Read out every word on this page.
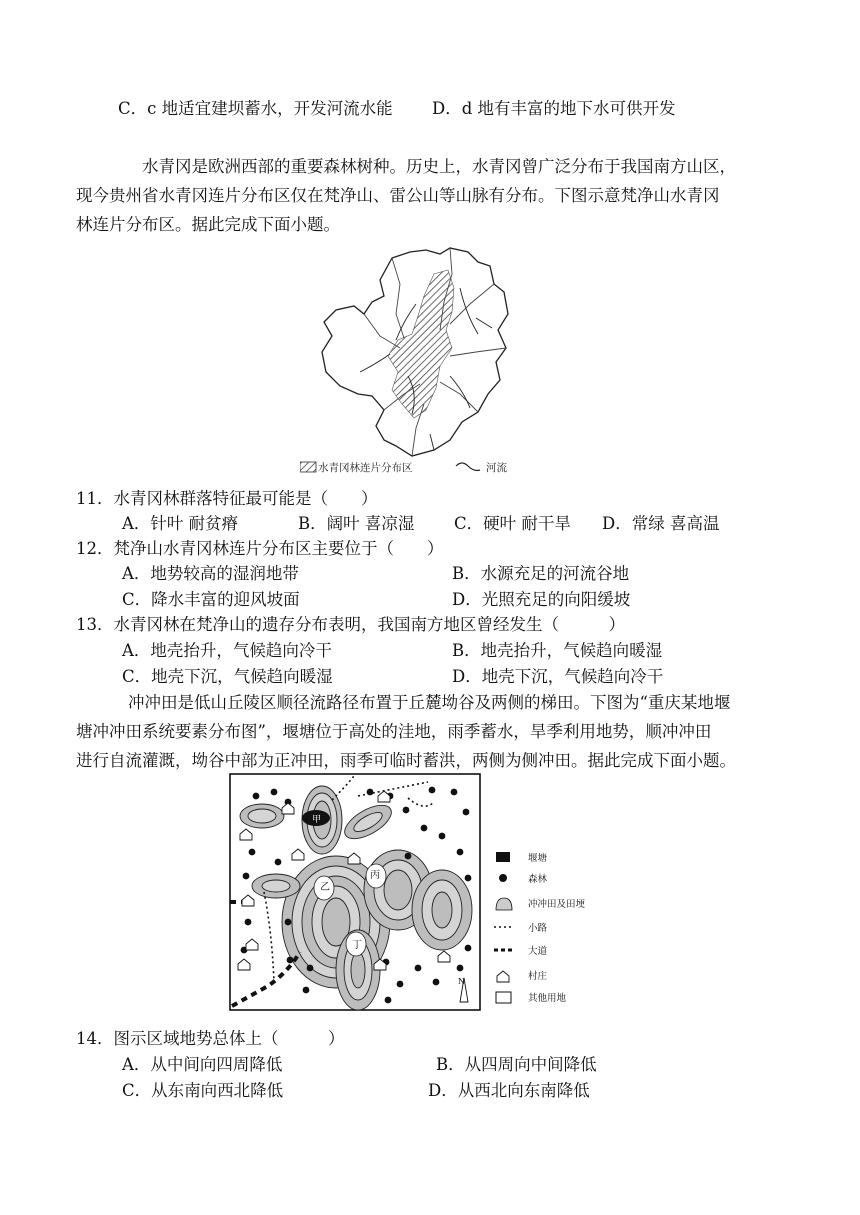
C．c 地适宜建坝蓄水，开发河流水能 D．d 地有丰富的地下水可供开发
水青冈是欧洲西部的重要森林树种。历史上，水青冈曾广泛分布于我国南方山区，
现今贵州省水青冈连片分布区仅在梵净山、雷公山等山脉有分布。下图示意梵净山水青冈
林连片分布区。据此完成下面小题。
水青冈林连片分布区	河流
11．水青冈林群落特征最可能是（　　）
A．针叶 耐贫瘠	B．阔叶 喜凉湿 C．硬叶 耐干旱 D．常绿 喜高温
12．梵净山水青冈林连片分布区主要位于（　　）
A．地势较高的湿润地带	B．水源充足的河流谷地
C．降水丰富的迎风坡面	D．光照充足的向阳缓坡
13．水青冈林在梵净山的遗存分布表明，我国南方地区曾经发生（　　　）
A．地壳抬升，气候趋向冷干	B．地壳抬升，气候趋向暖湿
C．地壳下沉，气候趋向暖湿	D．地壳下沉，气候趋向冷干
冲冲田是低山丘陵区顺径流路径布置于丘麓坳谷及两侧的梯田。下图为“重庆某地堰
塘冲冲田系统要素分布图”，堰塘位于高处的洼地，雨季蓄水，旱季利用地势，顺冲冲田
进行自流灌溉，坳谷中部为正冲田，雨季可临时蓄洪，两侧为侧冲田。据此完成下面小题。
甲
乙
丙
丁
N
堰塘
森林
冲冲田及田埂
小路
大道
村庄
其他用地
14．图示区域地势总体上（　　　）
A．从中间向四周降低	B．从四周向中间降低
C．从东南向西北降低	D．从西北向东南降低
